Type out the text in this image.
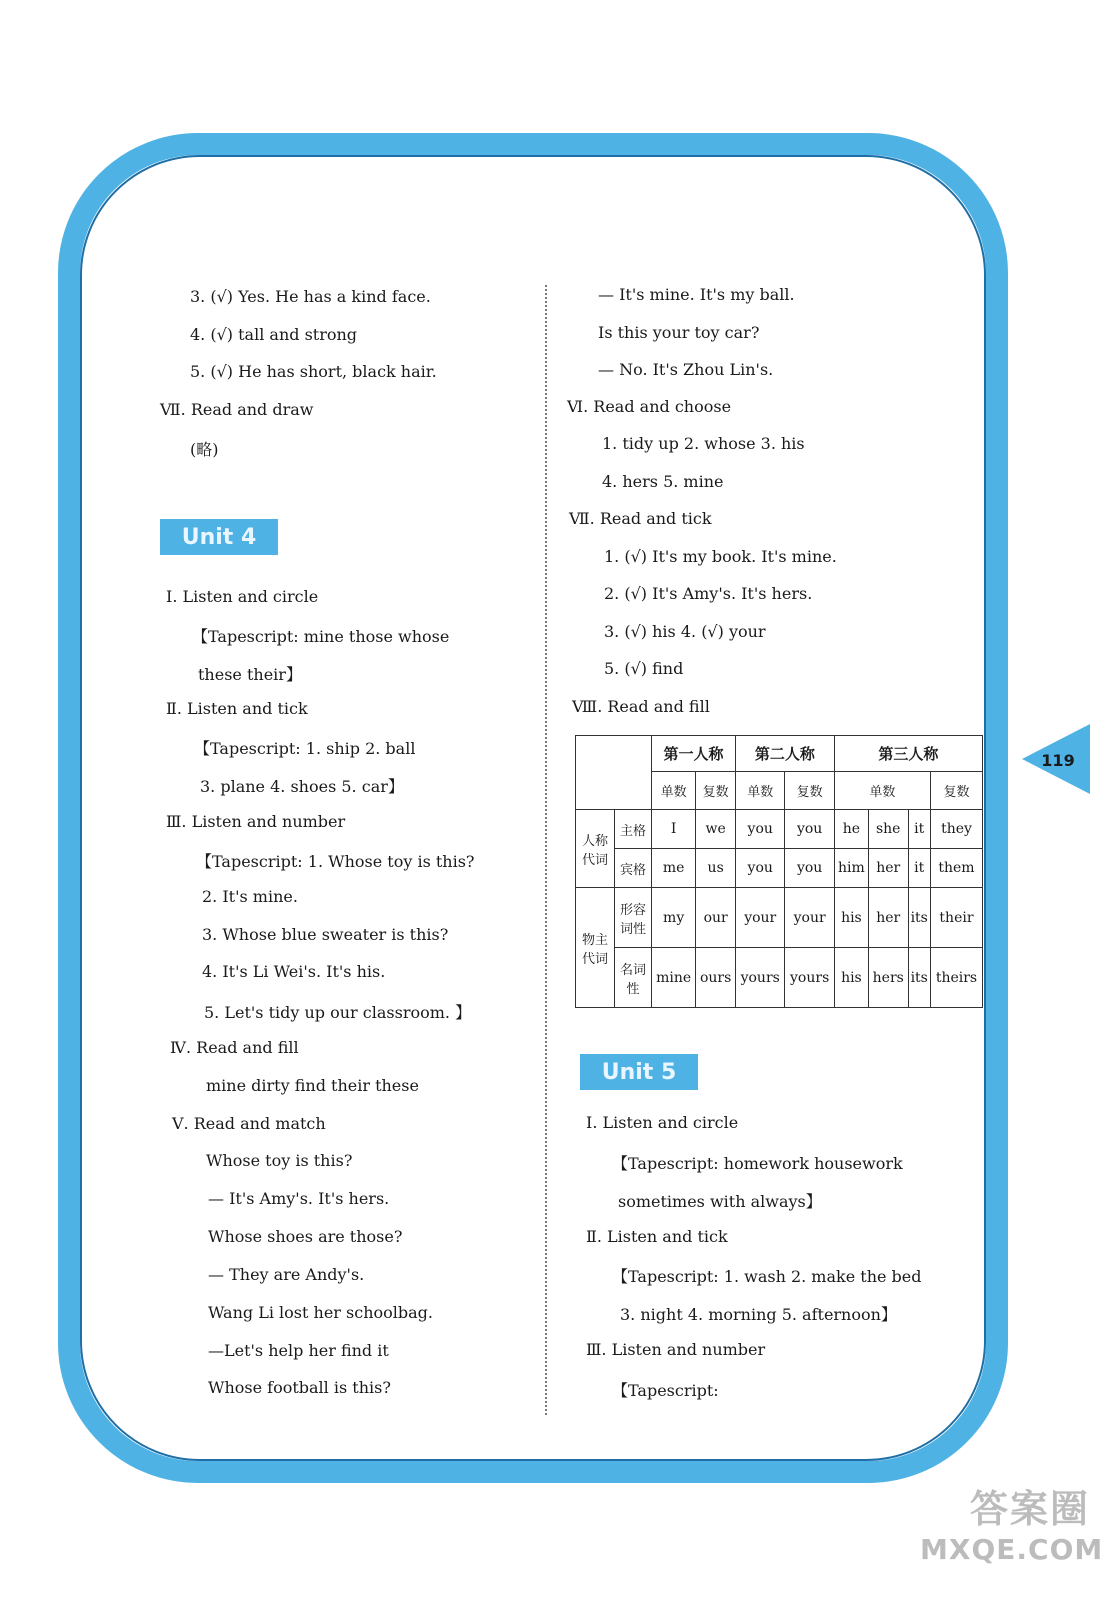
3. (√) Yes. He has a kind face.
4. (√) tall and strong
5. (√) He has short, black hair.
Ⅶ. Read and draw
(略)
Unit 4
Ⅰ. Listen and circle
【Tapescript: mine those whose
these their】
Ⅱ. Listen and tick
【Tapescript: 1. ship 2. ball
3. plane 4. shoes 5. car】
Ⅲ. Listen and number
【Tapescript: 1. Whose toy is this?
2. It's mine.
3. Whose blue sweater is this?
4. It's Li Wei's. It's his.
5. Let's tidy up our classroom. 】
Ⅳ. Read and fill
mine dirty find their these
Ⅴ. Read and match
Whose toy is this?
— It's Amy's. It's hers.
Whose shoes are those?
— They are Andy's.
Wang Li lost her schoolbag.
—Let's help her find it
Whose football is this?
— It's mine. It's my ball.
Is this your toy car?
— No. It's Zhou Lin's.
Ⅵ. Read and choose
1. tidy up 2. whose 3. his
4. hers 5. mine
Ⅶ. Read and tick
1. (√) It's my book. It's mine.
2. (√) It's Amy's. It's hers.
3. (√) his 4. (√) your
5. (√) find
Ⅷ. Read and fill
		第一人称		第二人称		第三人称			
		单数	复数	单数	复数	单数			复数
人称代词	主格	I	we	you	you	he	she	it	they
	宾格	me	us	you	you	him	her	it	them
物主代词	形容词性	my	our	your	your	his	her	its	their
	名词性	mine	ours	yours	yours	his	hers	its	theirs
Unit 5
Ⅰ. Listen and circle
【Tapescript: homework housework
sometimes with always】
Ⅱ. Listen and tick
【Tapescript: 1. wash 2. make the bed
3. night 4. morning 5. afternoon】
Ⅲ. Listen and number
【Tapescript:
119
答案圈
MXQE.COM
